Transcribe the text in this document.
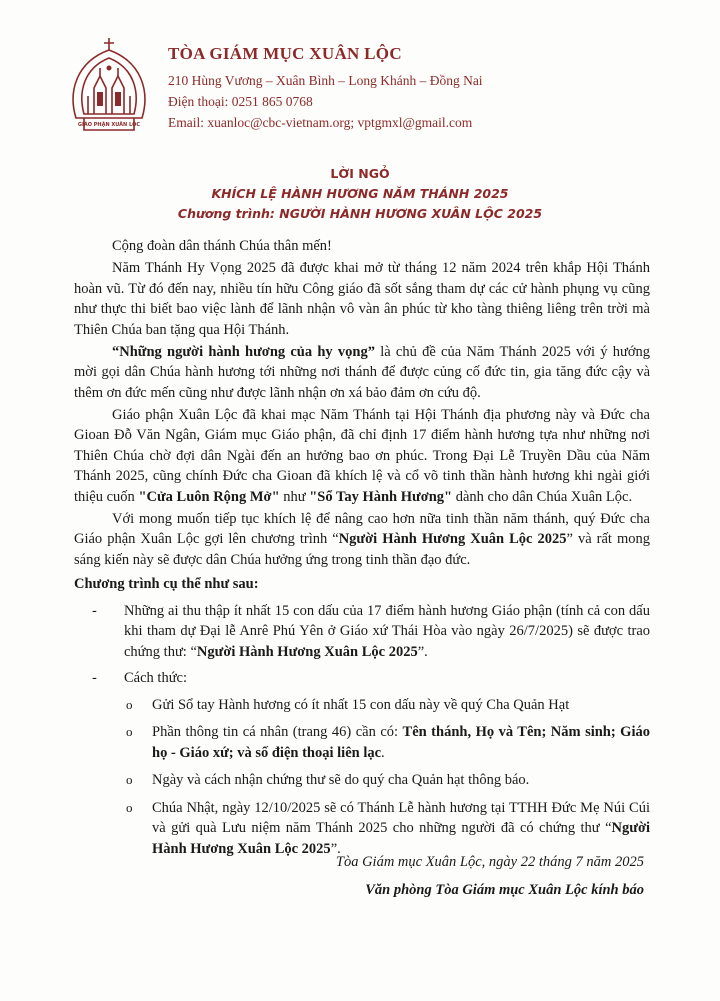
GIÁO PHẬN XUÂN LỘC
TÒA GIÁM MỤC XUÂN LỘC
210 Hùng Vương – Xuân Bình – Long Khánh – Đồng Nai
Điện thoại: 0251 865 0768
Email: xuanloc@cbc-vietnam.org; vptgmxl@gmail.com
LỜI NGỎ
KHÍCH LỆ HÀNH HƯƠNG NĂM THÁNH 2025
Chương trình: NGƯỜI HÀNH HƯƠNG XUÂN LỘC 2025

Cộng đoàn dân thánh Chúa thân mến!

Năm Thánh Hy Vọng 2025 đã được khai mở từ tháng 12 năm 2024 trên khắp Hội Thánh hoàn vũ. Từ đó đến nay, nhiều tín hữu Công giáo đã sốt sắng tham dự các cử hành phụng vụ cũng như thực thi biết bao việc lành để lãnh nhận vô vàn ân phúc từ kho tàng thiêng liêng trên trời mà Thiên Chúa ban tặng qua Hội Thánh.

“Những người hành hương của hy vọng” là chủ đề của Năm Thánh 2025 với ý hướng mời gọi dân Chúa hành hương tới những nơi thánh để được củng cố đức tin, gia tăng đức cậy và thêm ơn đức mến cũng như được lãnh nhận ơn xá bảo đảm ơn cứu độ.

Giáo phận Xuân Lộc đã khai mạc Năm Thánh tại Hội Thánh địa phương này và Đức cha Gioan Đỗ Văn Ngân, Giám mục Giáo phận, đã chỉ định 17 điểm hành hương tựa như những nơi Thiên Chúa chờ đợi dân Ngài đến an hưởng bao ơn phúc. Trong Đại Lễ Truyền Dầu của Năm Thánh 2025, cũng chính Đức cha Gioan đã khích lệ và cổ võ tinh thần hành hương khi ngài giới thiệu cuốn "Cửa Luôn Rộng Mở" như "Sổ Tay Hành Hương" dành cho dân Chúa Xuân Lộc.

Với mong muốn tiếp tục khích lệ để nâng cao hơn nữa tinh thần năm thánh, quý Đức cha Giáo phận Xuân Lộc gợi lên chương trình “Người Hành Hương Xuân Lộc 2025” và rất mong sáng kiến này sẽ được dân Chúa hưởng ứng trong tinh thần đạo đức.

Chương trình cụ thể như sau:
- Những ai thu thập ít nhất 15 con dấu của 17 điểm hành hương Giáo phận (tính cả con dấu khi tham dự Đại lễ Anrê Phú Yên ở Giáo xứ Thái Hòa vào ngày 26/7/2025) sẽ được trao chứng thư: “Người Hành Hương Xuân Lộc 2025”.
- Cách thức:
o Gửi Sổ tay Hành hương có ít nhất 15 con dấu này về quý Cha Quản Hạt
o Phần thông tin cá nhân (trang 46) cần có: Tên thánh, Họ và Tên; Năm sinh; Giáo họ - Giáo xứ; và số điện thoại liên lạc.
o Ngày và cách nhận chứng thư sẽ do quý cha Quản hạt thông báo.
o Chúa Nhật, ngày 12/10/2025 sẽ có Thánh Lễ hành hương tại TTHH Đức Mẹ Núi Cúi và gửi quà Lưu niệm năm Thánh 2025 cho những người đã có chứng thư “Người Hành Hương Xuân Lộc 2025”.
Tòa Giám mục Xuân Lộc, ngày 22 tháng 7 năm 2025
Văn phòng Tòa Giám mục Xuân Lộc kính báo
